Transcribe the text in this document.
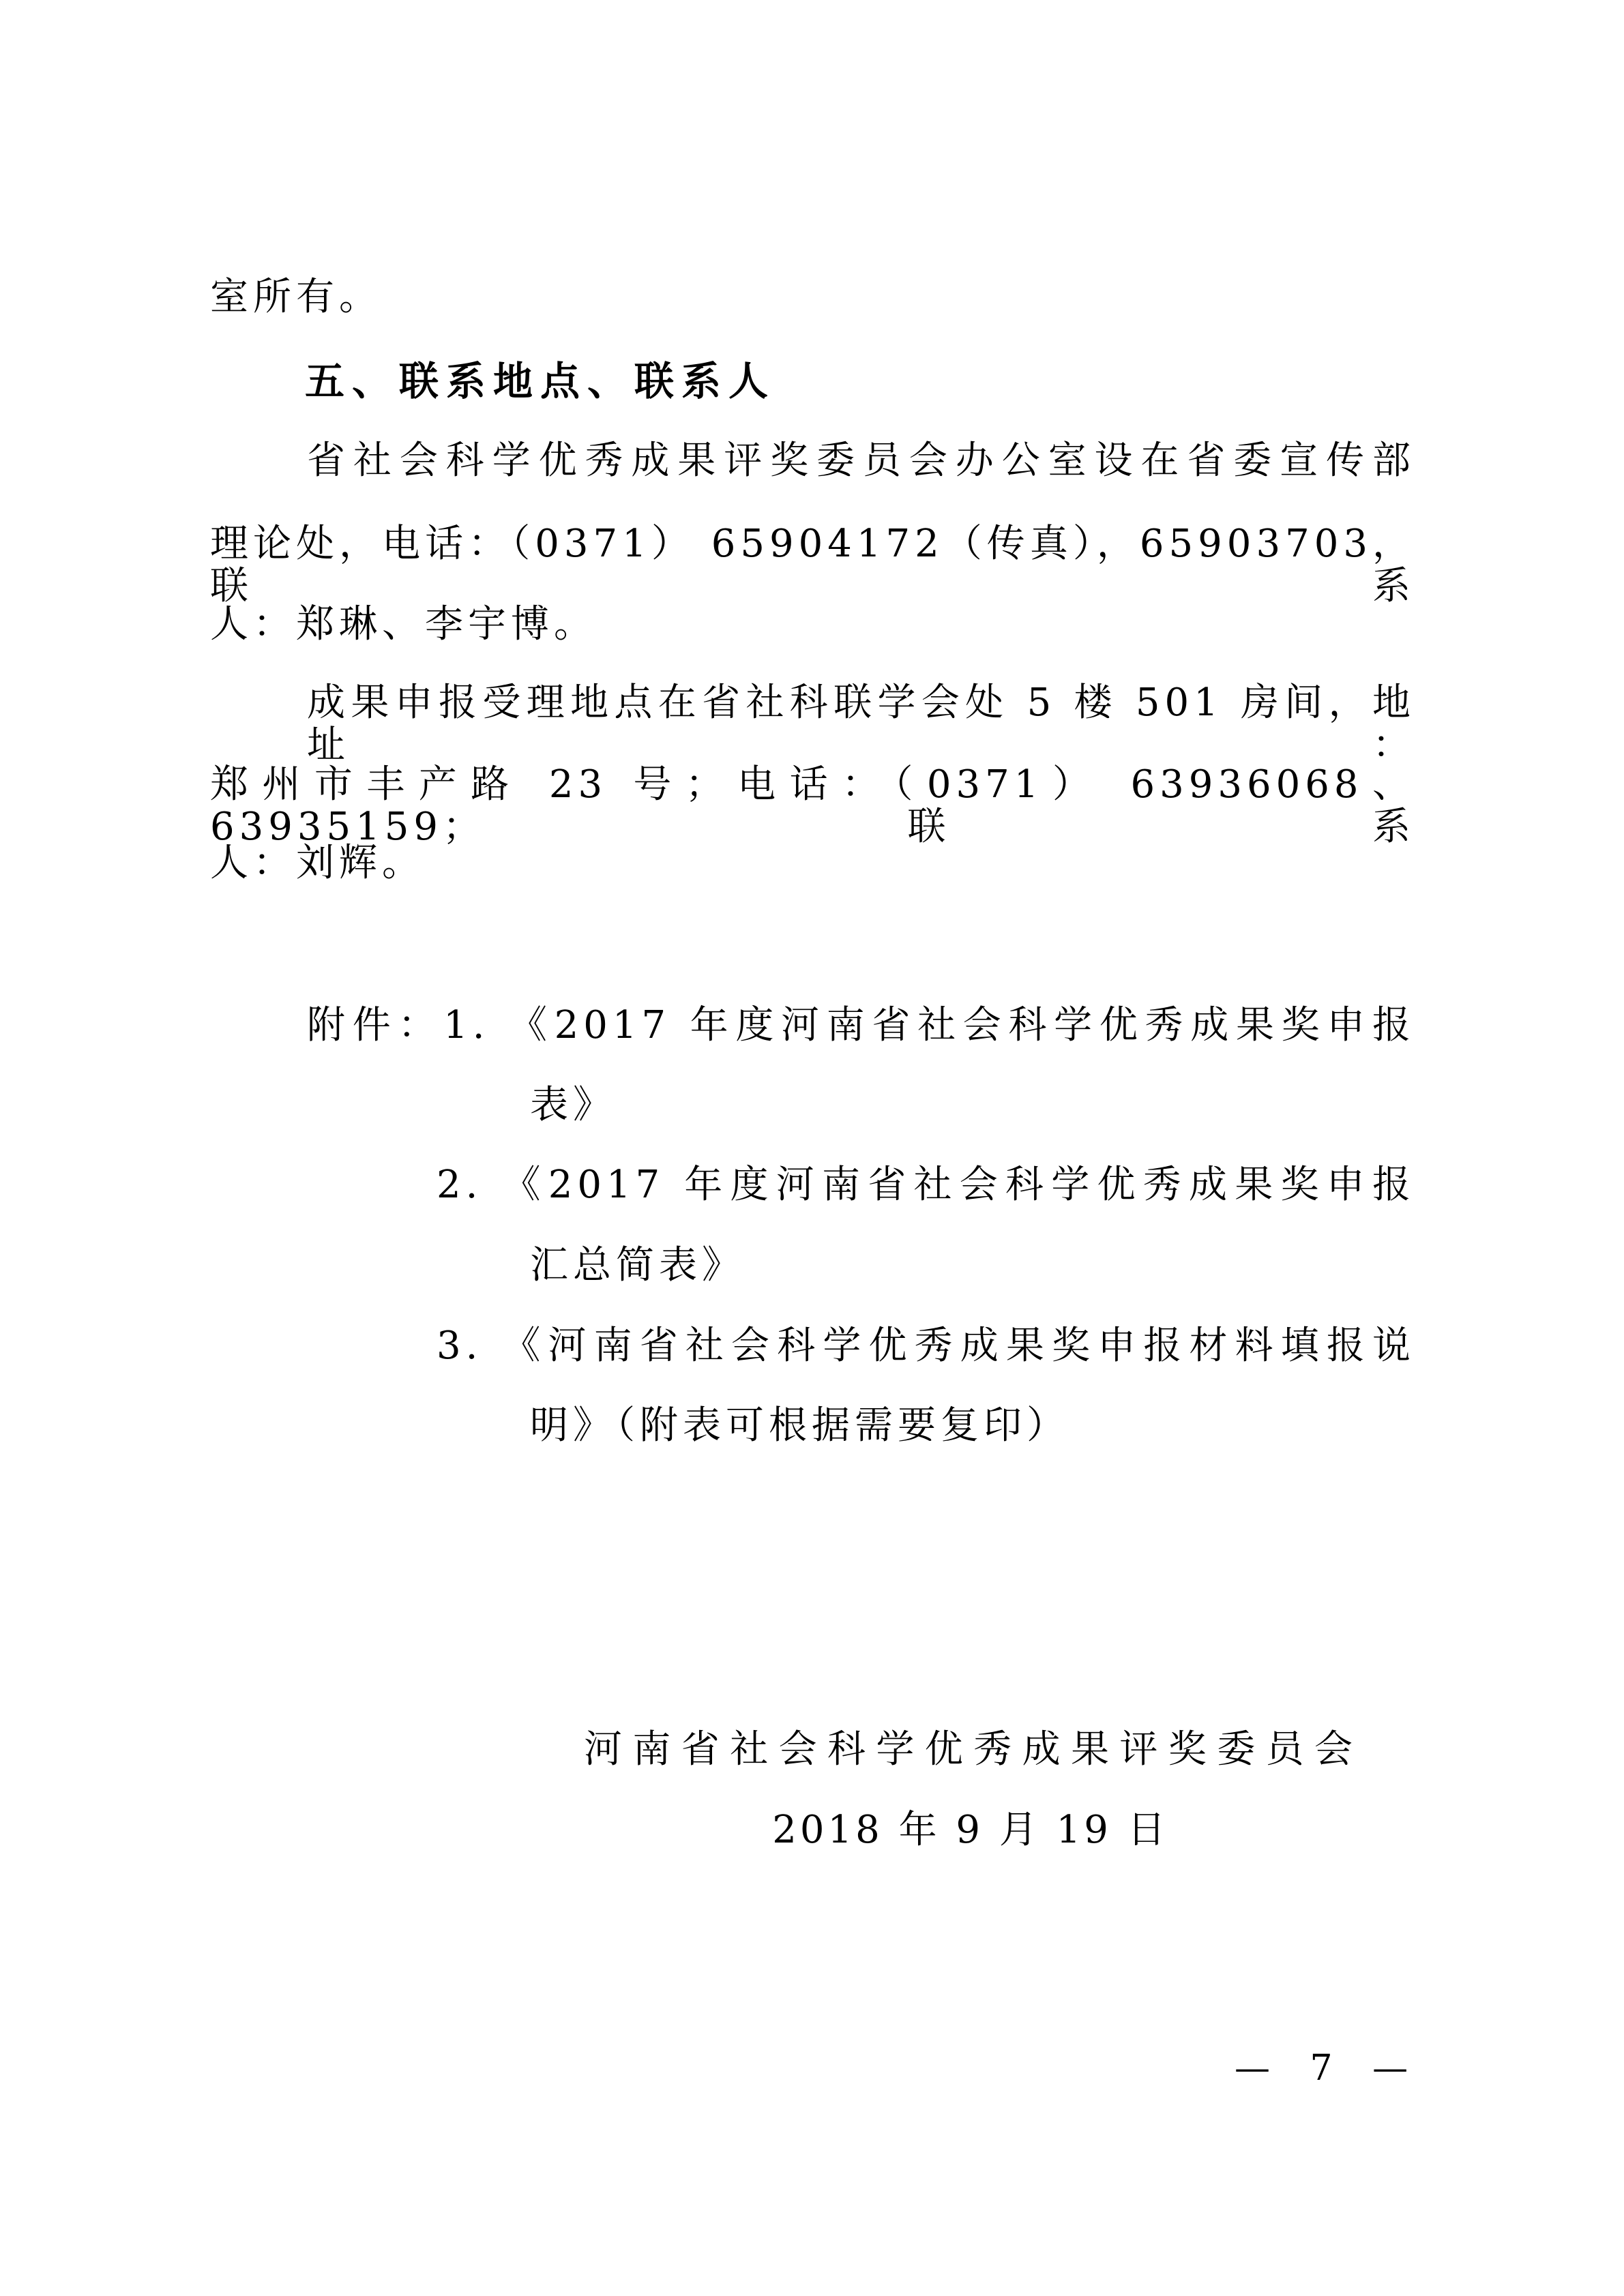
室所有。
五、联系地点、联系人
省社会科学优秀成果评奖委员会办公室设在省委宣传部
理论处，电话：（0371） 65904172（传真），65903703，联系
人：郑琳、李宇博。
成果申报受理地点在省社科联学会处 5 楼 501 房间，地址：
郑州市丰产路 23 号；电话：（0371） 63936068、63935159；联系
人：刘辉。
附件：1. 《2017 年度河南省社会科学优秀成果奖申报
表》
2. 《2017 年度河南省社会科学优秀成果奖申报
汇总简表》
3. 《河南省社会科学优秀成果奖申报材料填报说
明》（附表可根据需要复印）
河南省社会科学优秀成果评奖委员会
2018 年 9 月 19 日
— 7 —
